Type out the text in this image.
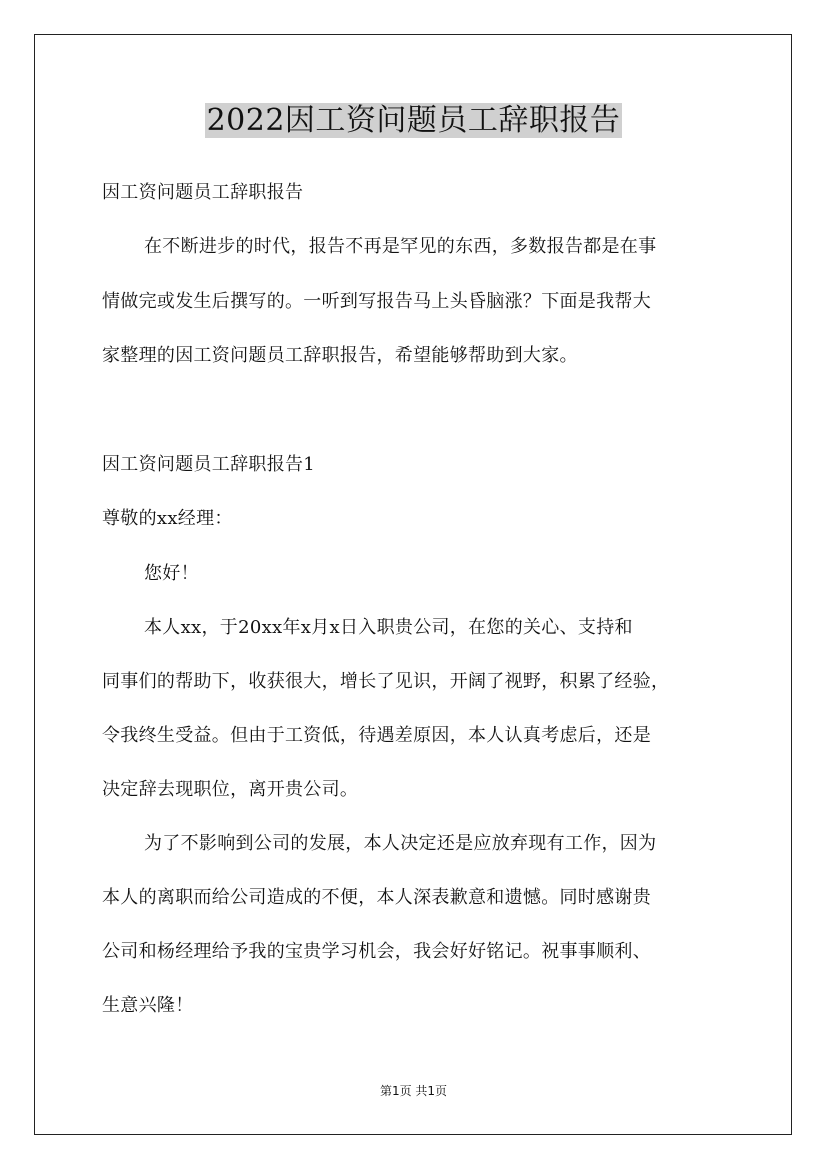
2022因工资问题员工辞职报告

因工资问题员工辞职报告

在不断进步的时代，报告不再是罕见的东西，多数报告都是在事

情做完或发生后撰写的。一听到写报告马上头昏脑涨？下面是我帮大

家整理的因工资问题员工辞职报告，希望能够帮助到大家。

因工资问题员工辞职报告1

尊敬的xx经理：

您好！

本人xx，于20xx年x月x日入职贵公司，在您的关心、支持和

同事们的帮助下，收获很大，增长了见识，开阔了视野，积累了经验，

令我终生受益。但由于工资低，待遇差原因，本人认真考虑后，还是

决定辞去现职位，离开贵公司。

为了不影响到公司的发展，本人决定还是应放弃现有工作，因为

本人的离职而给公司造成的不便，本人深表歉意和遗憾。同时感谢贵

公司和杨经理给予我的宝贵学习机会，我会好好铭记。祝事事顺利、

生意兴隆！

第1页 共1页
